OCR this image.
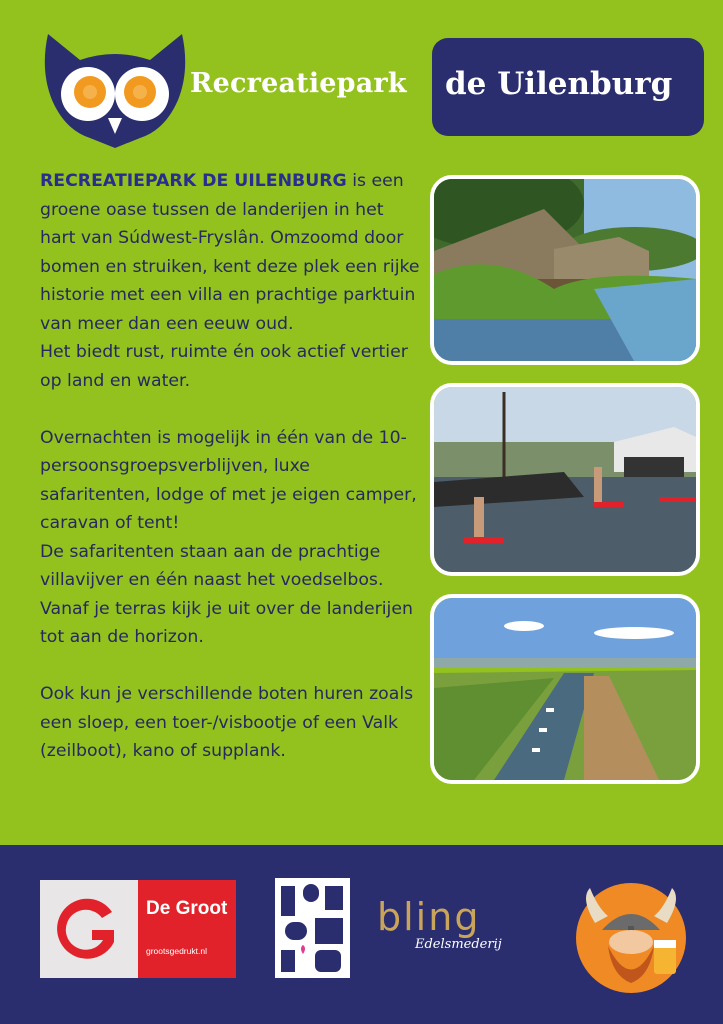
Recreatiepark de Uilenburg

RECREATIEPARK DE UILENBURG is een groene oase tussen de landerijen in het hart van Súdwest-Fryslân. Omzoomd door bomen en struiken, kent deze plek een rijke historie met een villa en prachtige parktuin van meer dan een eeuw oud.
Het biedt rust, ruimte én ook actief vertier op land en water.

Overnachten is mogelijk in één van de 10-persoonsgroepsverblijven, luxe safaritenten, lodge of met je eigen camper, caravan of tent!
De safaritenten staan aan de prachtige villavijver en één naast het voedselbos. Vanaf je terras kijk je uit over de landerijen tot aan de horizon.

Ook kun je verschillende boten huren zoals een sloep, een toer-/visbootje of een Valk (zeilboot), kano of supplank.

De Groot
grootsgedrukt.nl
bling
Edelsmederij
